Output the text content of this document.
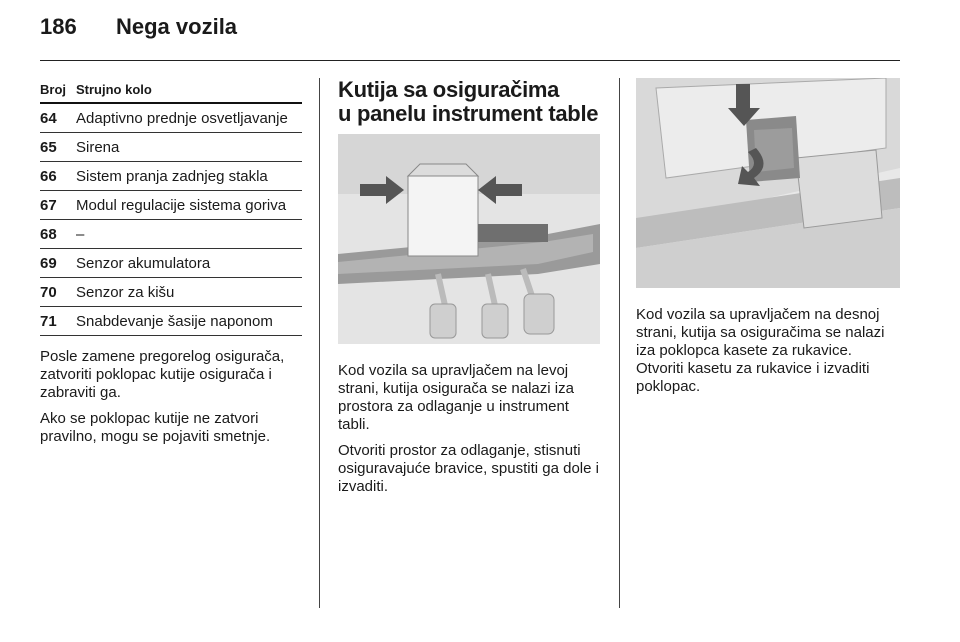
186	Nega vozila
Broj Strujno kolo
64	Adaptivno prednje osvetljavanje
65	Sirena
66	Sistem pranja zadnjeg stakla
67	Modul regulacije sistema goriva
68	–
69	Senzor akumulatora
70	Senzor za kišu
71	Snabdevanje šasije naponom

Posle zamene pregorelog osigurača, zatvoriti poklopac kutije osigurača i zabraviti ga.

Ako se poklopac kutije ne zatvori pravilno, mogu se pojaviti smetnje.

Kutija sa osiguračima
u panelu instrument table

Kod vozila sa upravljačem na levoj strani, kutija osigurača se nalazi iza prostora za odlaganje u instrument tabli.

Otvoriti prostor za odlaganje, stisnuti osiguravajuće bravice, spustiti ga dole i izvaditi.

Kod vozila sa upravljačem na desnoj strani, kutija sa osiguračima se nalazi iza poklopca kasete za rukavice. Otvoriti kasetu za rukavice i izvaditi poklopac.
